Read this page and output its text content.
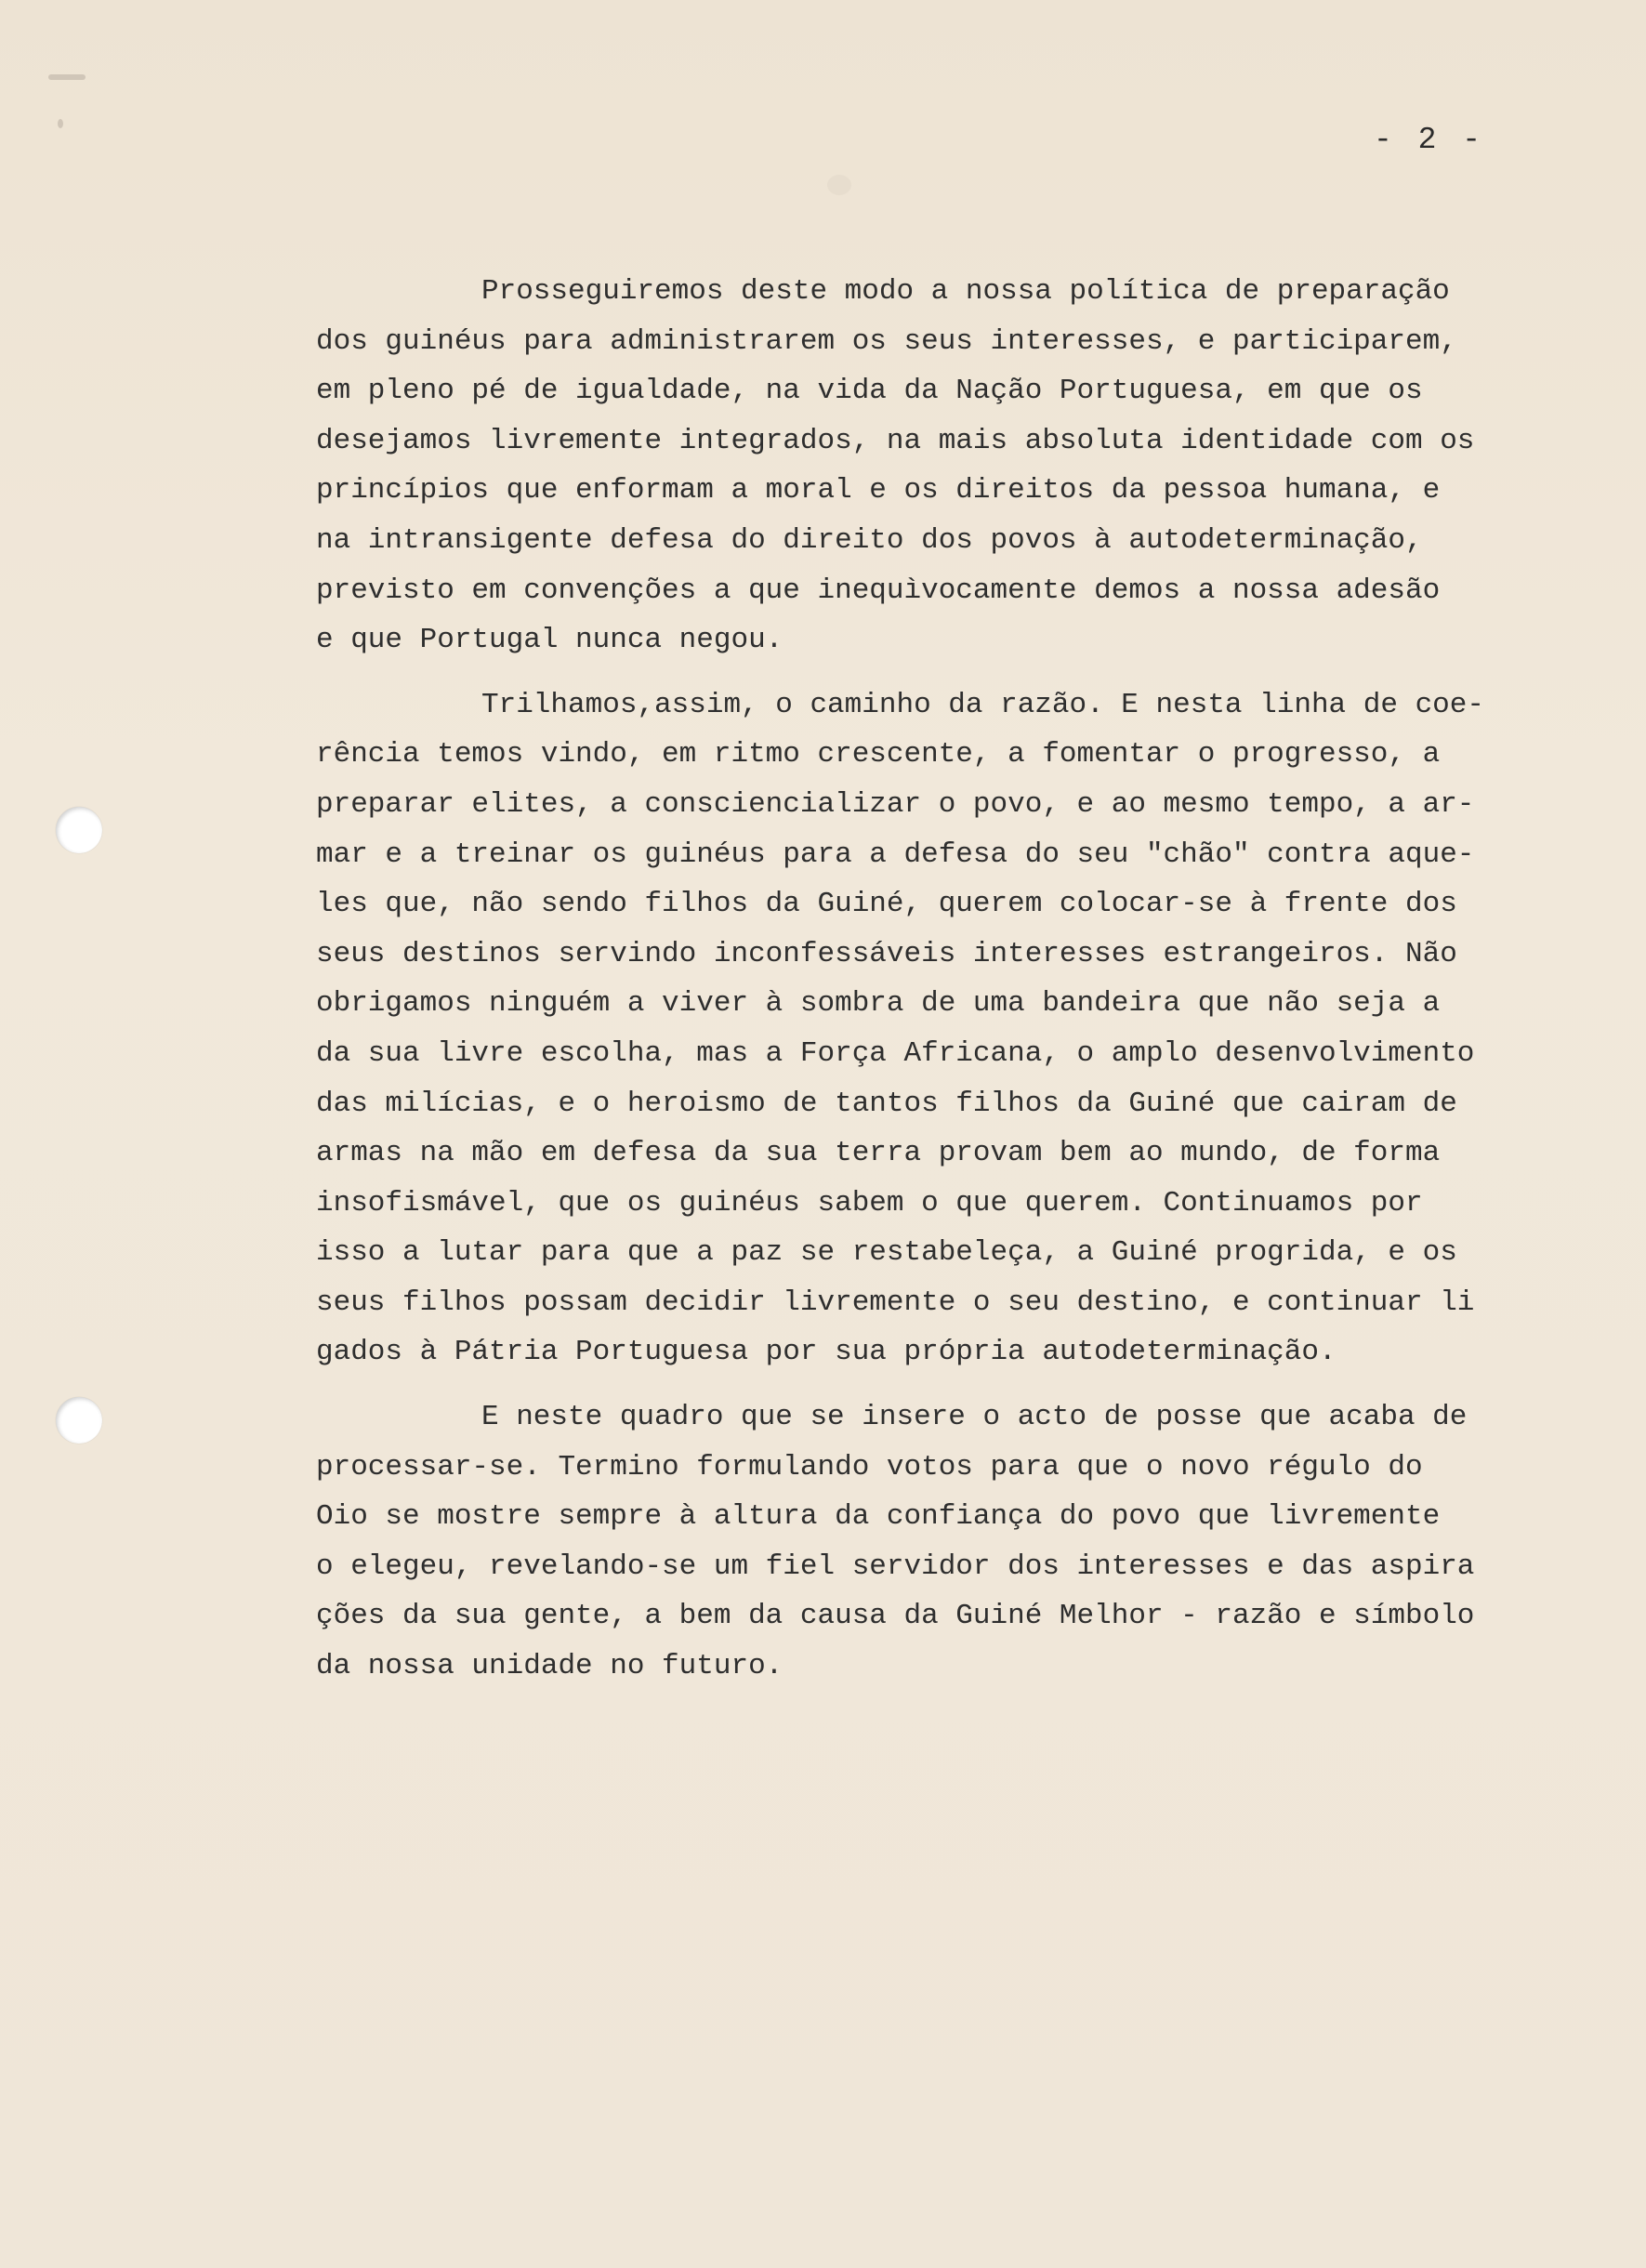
- 2 -
Prosseguiremos deste modo a nossa política de preparação
dos guinéus para administrarem os seus interesses, e participarem,
em pleno pé de igualdade, na vida da Nação Portuguesa, em que os
desejamos livremente integrados, na mais absoluta identidade com os
princípios que enformam a moral e os direitos da pessoa humana, e
na intransigente defesa do direito dos povos à autodeterminação,
previsto em convenções a que inequìvocamente demos a nossa adesão
e que Portugal nunca negou.
Trilhamos,assim, o caminho da razão. E nesta linha de coe-
rência temos vindo, em ritmo crescente, a fomentar o progresso, a
preparar elites, a consciencializar o povo, e ao mesmo tempo, a ar-
mar e a treinar os guinéus para a defesa do seu "chão" contra aque-
les que, não sendo filhos da Guiné, querem colocar-se à frente dos
seus destinos servindo inconfessáveis interesses estrangeiros. Não
obrigamos ninguém a viver à sombra de uma bandeira que não seja a
da sua livre escolha, mas a Força Africana, o amplo desenvolvimento
das milícias, e o heroismo de tantos filhos da Guiné que cairam de
armas na mão em defesa da sua terra provam bem ao mundo, de forma
insofismável, que os guinéus sabem o que querem. Continuamos por
isso a lutar para que a paz se restabeleça, a Guiné progrida, e os
seus filhos possam decidir livremente o seu destino, e continuar li
gados à Pátria Portuguesa por sua própria autodeterminação.
E neste quadro que se insere o acto de posse que acaba de
processar-se. Termino formulando votos para que o novo régulo do
Oio se mostre sempre à altura da confiança do povo que livremente
o elegeu, revelando-se um fiel servidor dos interesses e das aspira
ções da sua gente, a bem da causa da Guiné Melhor - razão e símbolo
da nossa unidade no futuro.
